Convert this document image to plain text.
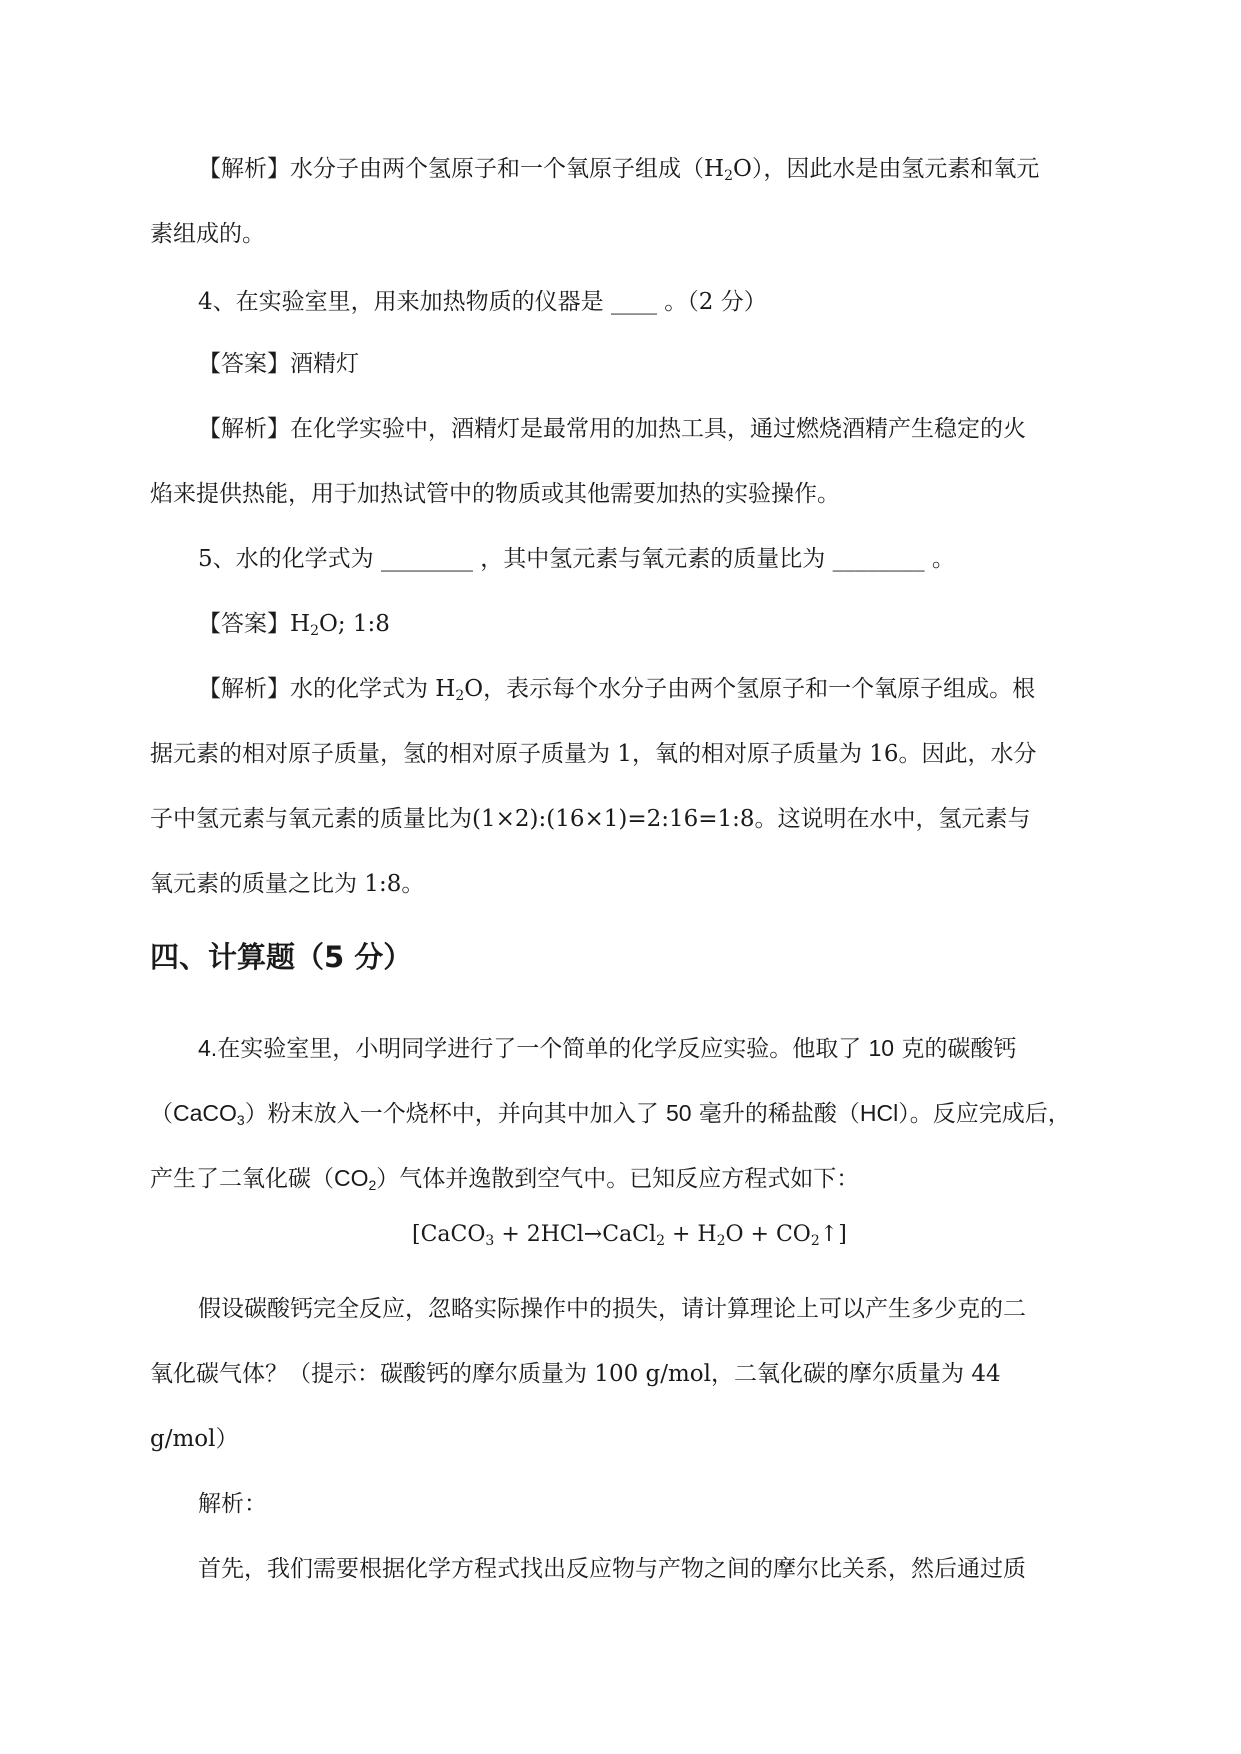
【解析】水分子由两个氢原子和一个氧原子组成$(H_2O)$，因此水是由氢元素和氧元
素组成的。
4、在实验室里，用来加热物质的仪器是 ____ 。（2 分）
【答案】酒精灯
【解析】在化学实验中，酒精灯是最常用的加热工具，通过燃烧酒精产生稳定的火
焰来提供热能，用于加热试管中的物质或其他需要加热的实验操作。
5、水的化学式为 ________ ，其中氢元素与氧元素的质量比为 ________ 。
【答案】$H_2O$; 1:8
【解析】水的化学式为 $H_2O$，表示每个水分子由两个氢原子和一个氧原子组成。根
据元素的相对原子质量，氢的相对原子质量为 1，氧的相对原子质量为 16。因此，水分
子中氢元素与氧元素的质量比为(1×2):(16×1)=2:16=1:8。这说明在水中，氢元素与
氧元素的质量之比为 1:8。
四、计算题（5 分）
4.在实验室里，小明同学进行了一个简单的化学反应实验。他取了 10 克的碳酸钙
（CaCO$_3$）粉末放入一个烧杯中，并向其中加入了 50 毫升的稀盐酸（HCl）。反应完成后，
产生了二氧化碳$(CO_2)$气体并逸散到空气中。已知反应方程式如下：
[CaCO$_3$ + 2HCl→CaCl$_2$ + $H_2O$ + $CO_2↑$]
假设碳酸钙完全反应，忽略实际操作中的损失，请计算理论上可以产生多少克的二
氧化碳气体？（提示：碳酸钙的摩尔质量为 100 g/mol，二氧化碳的摩尔质量为 44
g/mol）
解析：
首先，我们需要根据化学方程式找出反应物与产物之间的摩尔比关系，然后通过质
